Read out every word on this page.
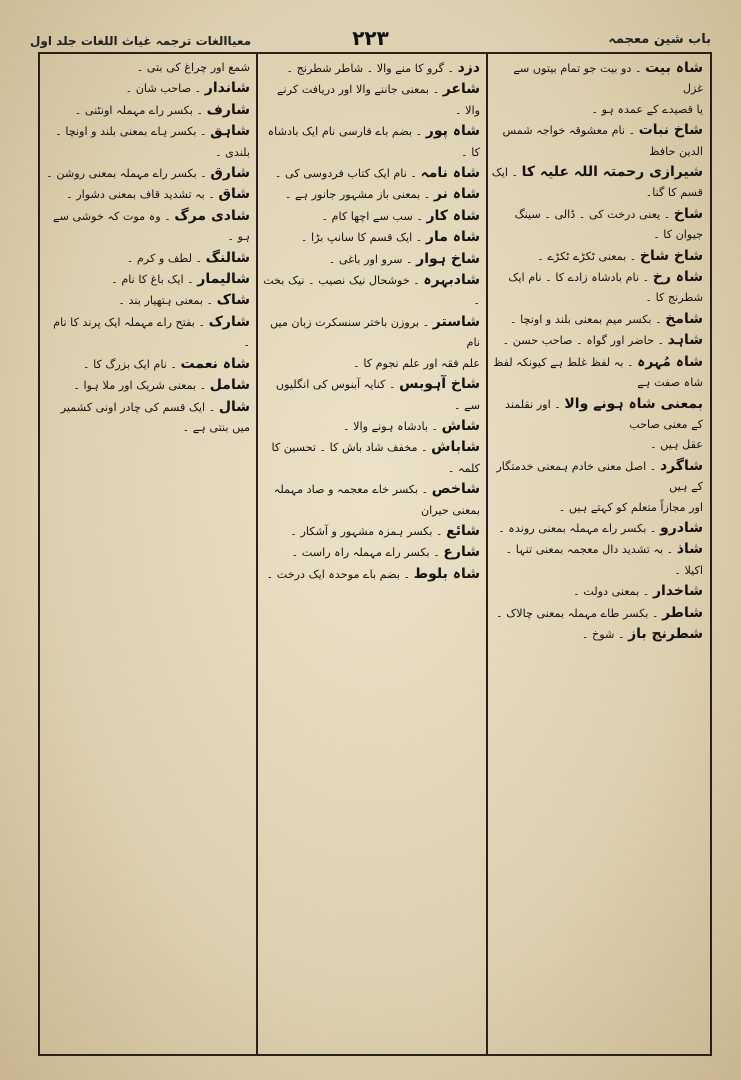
باب شین معجمہ
۲۲۳
معیاالغات ترجمہ غیاث اللغات جلد اول

شاہ بیت ۔ دو بیت جو تمام بیتوں سے غزل

یا قصیدے کے عمدہ ہو ۔

شاخ نبات ۔ نام معشوقہ خواجہ شمس الدین حافظ

شیرازی رحمتہ اللہ علیہ کا ۔ ایک قسم کا گنا۔

شاخ ۔ یعنی درخت کی ۔ ڈالی ۔ سینگ جیوان کا ۔

شاخ شاخ ۔ بمعنی ٹکڑے ٹکڑے ۔

شاہ رخ ۔ نام بادشاہ زادے کا ۔ نام ایک شطرنج کا ۔

شامخ ۔ بکسر میم بمعنی بلند و اونچا ۔

شاہد ۔ حاضر اور گواہ ۔ صاحب حسن ۔

شاہ مُہرہ ۔ بہ لفظ غلط ہے کیونکہ لفظ شاہ صفت ہے

بمعنی شاہ ہونے والا ۔ اور نقلمند کے معنی صاحب

عقل ہیں ۔

شاگرد ۔ اصل معنی خادم ہمعنی خدمتگار کے ہیں

اور مجازاً متعلم کو کہتے ہیں ۔

شادرو ۔ بکسر راے مہملہ بمعنی روندہ ۔

شاذ ۔ بہ تشدید دال معجمہ بمعنی تنہا ۔ اکیلا ۔

شاخدار ۔ بمعنی دولت ۔

شاطر ۔ بکسر طاے مہملہ بمعنی چالاک ۔

شطرنج باز ۔ شوخ ۔

دزد ۔ گرو کا منے والا ۔ شاطر شطرنج ۔

شاعر ۔ بمعنی جاننے والا اور دریافت کرنے والا ۔

شاہ پور ۔ بضم باے فارسی نام ایک بادشاہ کا ۔

شاہ نامہ ۔ نام ایک کتاب فردوسی کی ۔

شاہ نر ۔ بمعنی باز مشہور جانور ہے ۔

شاہ کار ۔ سب سے اچھا کام ۔

شاہ مار ۔ ایک قسم کا سانپ بڑا ۔

شاخ ہوار ۔ سرو اور باغی ۔

شادبہرہ ۔ خوشحال نیک نصیب ۔ نیک بخت ۔

شاستر ۔ بروزن باختر سنسکرت زبان میں نام

علم فقہ اور علم نجوم کا ۔

شاخ آہوبس ۔ کنایہ آبنوس کی انگلیوں سے ۔

شاش ۔ بادشاہ ہونے والا ۔

شاباش ۔ مخفف شاد باش کا ۔ تحسین کا کلمہ ۔

شاخص ۔ بکسر خاے معجمہ و صاد مہملہ بمعنی حیران

شائع ۔ بکسر ہمزہ مشہور و آشکار ۔

شارع ۔ بکسر راے مہملہ راہ راست ۔

شاہ بلوط ۔ بضم باے موحدہ ایک درخت ۔

شمع اور چراغ کی بتی ۔

شاندار ۔ صاحب شان ۔

شارف ۔ بکسر راے مہملہ اونٹنی ۔

شاہق ۔ بکسر ہاے بمعنی بلند و اونچا ۔ بلندی ۔

شارق ۔ بکسر راے مہملہ بمعنی روشن ۔

شاق ۔ بہ تشدید قاف بمعنی دشوار ۔

شادی مرگ ۔ وہ موت کہ خوشی سے ہو ۔

شالنگ ۔ لطف و کرم ۔

شالیمار ۔ ایک باغ کا نام ۔

شاک ۔ بمعنی ہتھیار بند ۔

شارک ۔ بفتح راے مہملہ ایک پرند کا نام ۔

شاہ نعمت ۔ نام ایک بزرگ کا ۔

شامل ۔ بمعنی شریک اور ملا ہوا ۔

شال ۔ ایک قسم کی چادر اونی کشمیر میں بنتی ہے ۔
